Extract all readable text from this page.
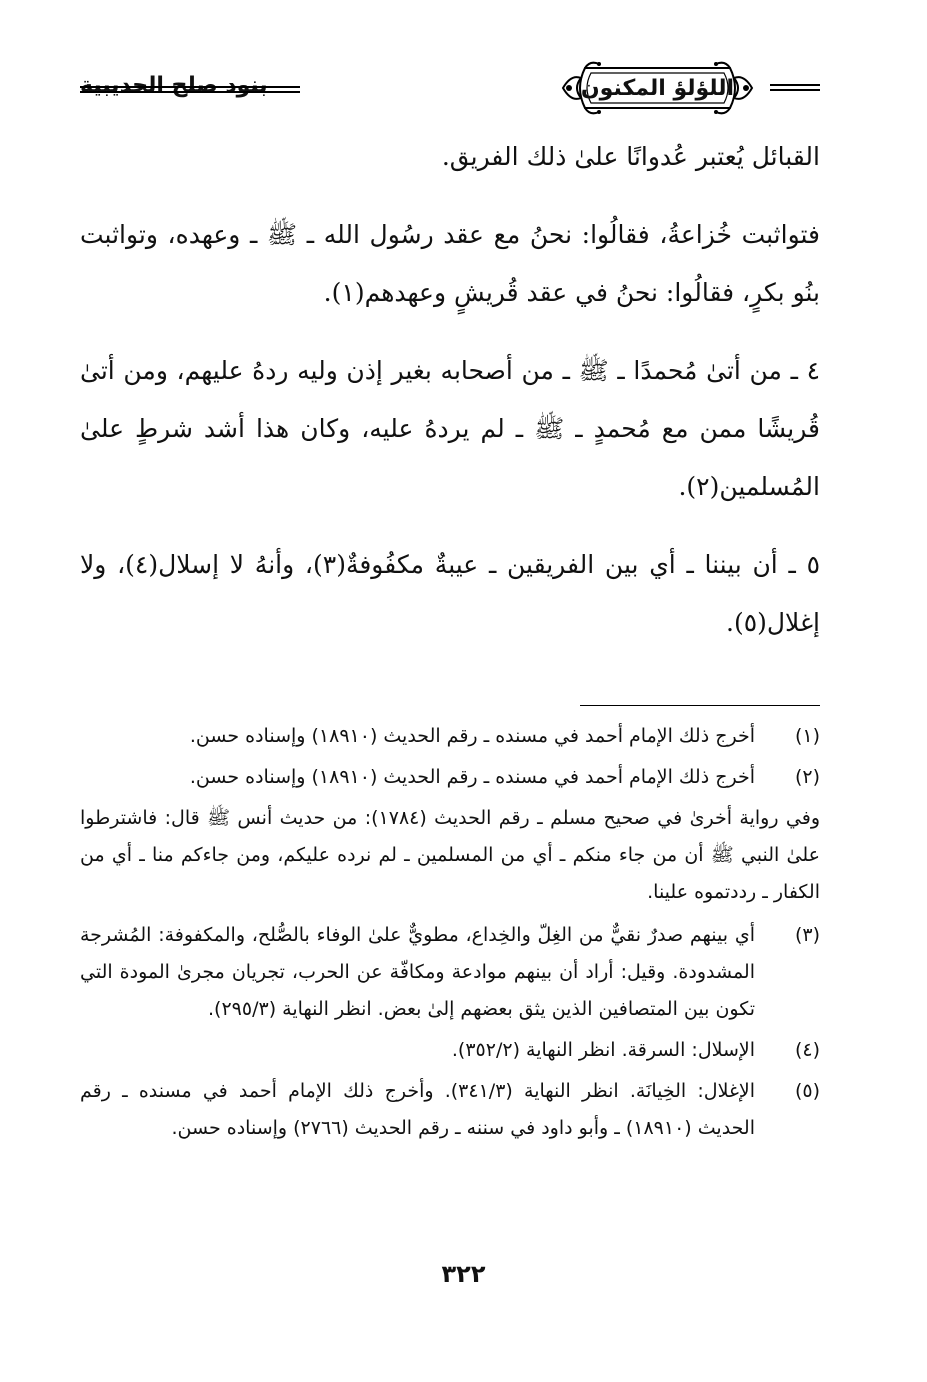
بنود صلح الحديبية	اللؤلؤ المكنون

القبائل يُعتبر عُدوانًا علىٰ ذلك الفريق.

فتواثبت خُزاعةُ، فقالُوا: نحنُ مع عقد رسُول الله ـ ﷺ ـ وعهده، وتواثبت بنُو بكرٍ، فقالُوا: نحنُ في عقد قُريشٍ وعهدهم(١).

٤ ـ من أتىٰ مُحمدًا ـ ﷺ ـ من أصحابه بغير إذن وليه ردهُ عليهم، ومن أتىٰ قُريشًا ممن مع مُحمدٍ ـ ﷺ ـ لم يردهُ عليه، وكان هذا أشد شرطٍ علىٰ المُسلمين(٢).

٥ ـ أن بيننا ـ أي بين الفريقين ـ عيبةٌ مكفُوفةٌ(٣)، وأنهُ لا إسلال(٤)، ولا إغلال(٥).

(١)
أخرج ذلك الإمام أحمد في مسنده ـ رقم الحديث (١٨٩١٠) وإسناده حسن.
(٢)
أخرج ذلك الإمام أحمد في مسنده ـ رقم الحديث (١٨٩١٠) وإسناده حسن.
وفي رواية أخرىٰ في صحيح مسلم ـ رقم الحديث (١٧٨٤): من حديث أنس ﷺ قال: فاشترطوا علىٰ النبي ﷺ أن من جاء منكم ـ أي من المسلمين ـ لم نرده عليكم، ومن جاءكم منا ـ أي من الكفار ـ رددتموه علينا.
(٣)
أي بينهم صدرٌ نقيٌّ من الغِلّ والخِداع، مطويٌّ علىٰ الوفاء بالصُّلح، والمكفوفة: المُشرجة المشدودة. وقيل: أراد أن بينهم موادعة ومكافّة عن الحرب، تجريان مجرىٰ المودة التي تكون بين المتصافين الذين يثق بعضهم إلىٰ بعض. انظر النهاية (٢٩٥/٣).
(٤)
الإسلال: السرقة. انظر النهاية (٣٥٢/٢).
(٥)
الإغلال: الخِيانَة. انظر النهاية (٣٤١/٣). وأخرج ذلك الإمام أحمد في مسنده ـ رقم الحديث (١٨٩١٠) ـ وأبو داود في سننه ـ رقم الحديث (٢٧٦٦) وإسناده حسن.
٣٢٢
